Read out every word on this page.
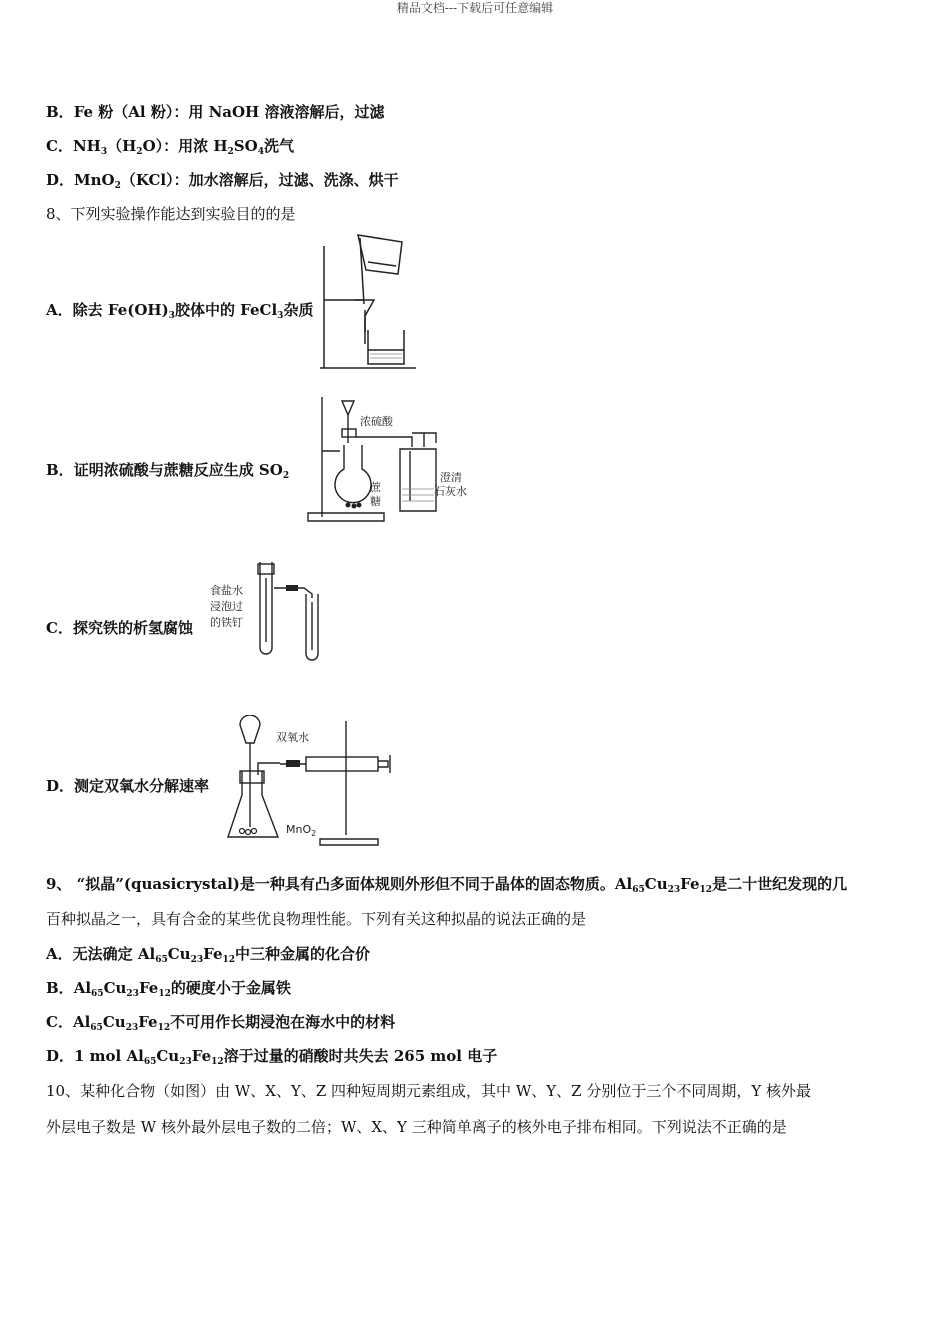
精品文档---下载后可任意编辑
B．Fe 粉（Al 粉）：用 NaOH 溶液溶解后，过滤
C．$NH_3(H_2O)$：用浓 $H_2SO_4$洗气
D．MnO$_2$（KCl）：加水溶解后，过滤、洗涤、烘干
8、下列实验操作能达到实验目的的是
A．除去 $Fe(OH)_3$胶体中的 FeCl$_3$杂质
B．证明浓硫酸与蔗糖反应生成 $SO_2$
浓硫酸
蔗
糖
澄清
石灰水
C．探究铁的析氢腐蚀
食盐水
浸泡过
的铁钉
D．测定双氧水分解速率
双氧水
MnO$_2$
9、 “拟晶”(quasicrystal)是一种具有凸多面体规则外形但不同于晶体的固态物质。$Al_{65}Cu_{23}Fe_{12}$是二十世纪发现的几
百种拟晶之一，具有合金的某些优良物理性能。下列有关这种拟晶的说法正确的是
A．无法确定 $Al_{65}Cu_{23}Fe_{12}$中三种金属的化合价
B．$Al_{65}Cu_{23}Fe_{12}$的硬度小于金属铁
C．$Al_{65}Cu_{23}Fe_{12}$不可用作长期浸泡在海水中的材料
D．1 mol $Al_{65}Cu_{23}Fe_{12}$溶于过量的硝酸时共失去 265 mol 电子
10、某种化合物（如图）由 W、X、Y、Z 四种短周期元素组成，其中 W、Y、Z 分别位于三个不同周期，Y 核外最
外层电子数是 W 核外最外层电子数的二倍；W、X、Y 三种简单离子的核外电子排布相同。下列说法不正确的是
